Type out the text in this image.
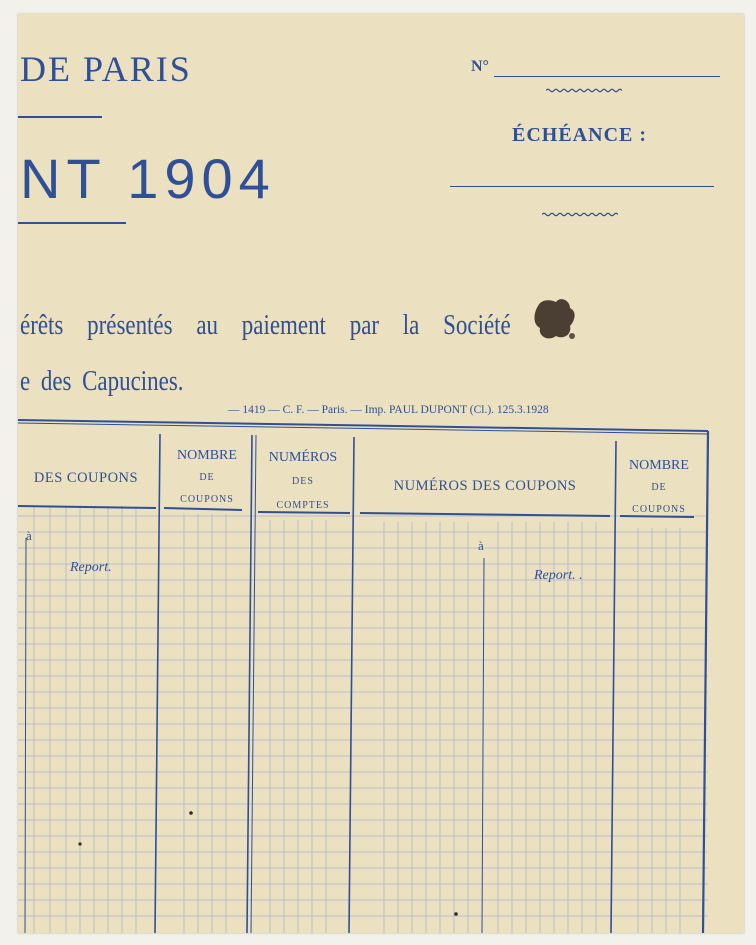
DE PARIS
NT 1904
N°
ÉCHÉANCE :
érêts présentés au paiement par la Société
e des Capucines.
— 1419 — C. F. — Paris. — Imp. PAUL DUPONT (Cl.). 125.3.1928
DES COUPONS
NOMBRE
DE
COUPONS
NUMÉROS
DES
COMPTES
NUMÉROS DES COUPONS
NOMBRE
DE
COUPONS
à
à
Report.
Report. .
